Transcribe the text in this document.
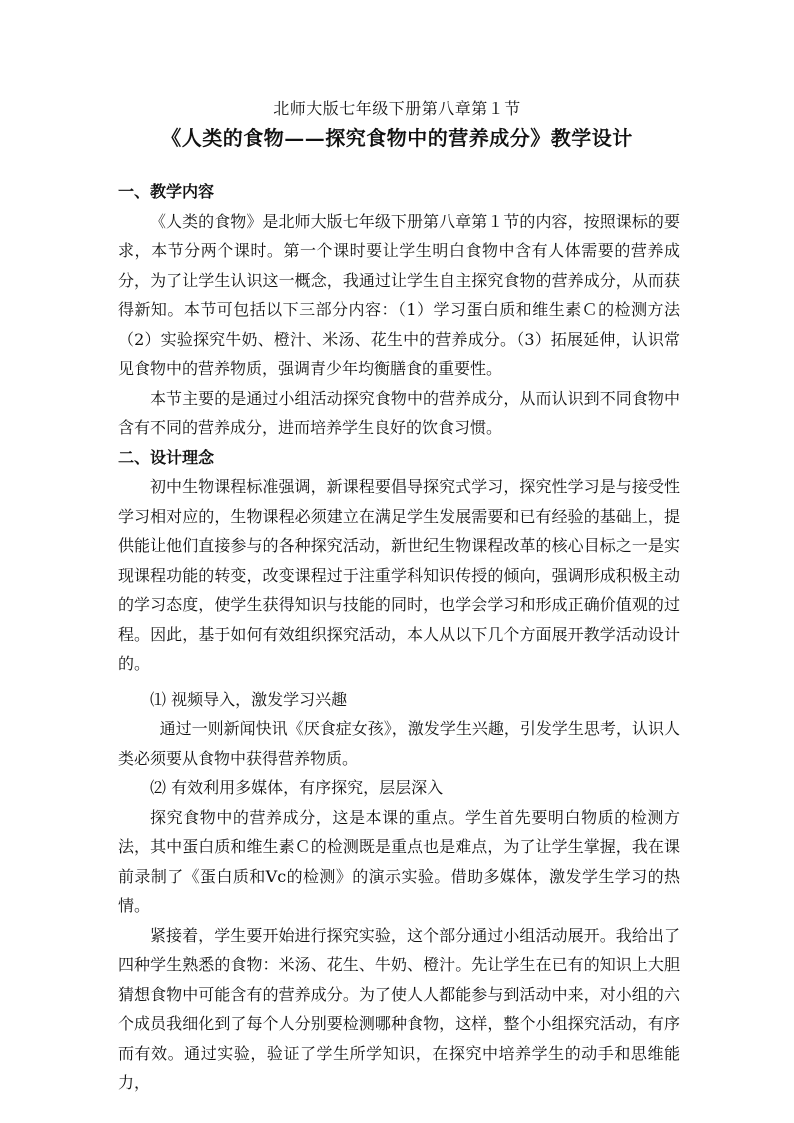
北师大版七年级下册第八章第１节
《人类的食物——探究食物中的营养成分》教学设计

一、教学内容

《人类的食物》是北师大版七年级下册第八章第１节的内容，按照课标的要求，本节分两个课时。第一个课时要让学生明白食物中含有人体需要的营养成分，为了让学生认识这一概念，我通过让学生自主探究食物的营养成分，从而获得新知。本节可包括以下三部分内容：（1）学习蛋白质和维生素Ｃ的检测方法（2）实验探究牛奶、橙汁、米汤、花生中的营养成分。（3）拓展延伸，认识常见食物中的营养物质，强调青少年均衡膳食的重要性。

本节主要的是通过小组活动探究食物中的营养成分，从而认识到不同食物中含有不同的营养成分，进而培养学生良好的饮食习惯。

二、设计理念

初中生物课程标准强调，新课程要倡导探究式学习，探究性学习是与接受性学习相对应的，生物课程必须建立在满足学生发展需要和已有经验的基础上，提供能让他们直接参与的各种探究活动，新世纪生物课程改革的核心目标之一是实现课程功能的转变，改变课程过于注重学科知识传授的倾向，强调形成积极主动的学习态度，使学生获得知识与技能的同时，也学会学习和形成正确价值观的过程。因此，基于如何有效组织探究活动，本人从以下几个方面展开教学活动设计的。

⑴ 视频导入，激发学习兴趣

通过一则新闻快讯《厌食症女孩》，激发学生兴趣，引发学生思考，认识人类必须要从食物中获得营养物质。

⑵ 有效利用多媒体，有序探究，层层深入

探究食物中的营养成分，这是本课的重点。学生首先要明白物质的检测方法，其中蛋白质和维生素Ｃ的检测既是重点也是难点，为了让学生掌握，我在课前录制了《蛋白质和Vc的检测》的演示实验。借助多媒体，激发学生学习的热情。

紧接着，学生要开始进行探究实验，这个部分通过小组活动展开。我给出了四种学生熟悉的食物：米汤、花生、牛奶、橙汁。先让学生在已有的知识上大胆猜想食物中可能含有的营养成分。为了使人人都能参与到活动中来，对小组的六个成员我细化到了每个人分别要检测哪种食物，这样，整个小组探究活动，有序而有效。通过实验，验证了学生所学知识，在探究中培养学生的动手和思维能力，
